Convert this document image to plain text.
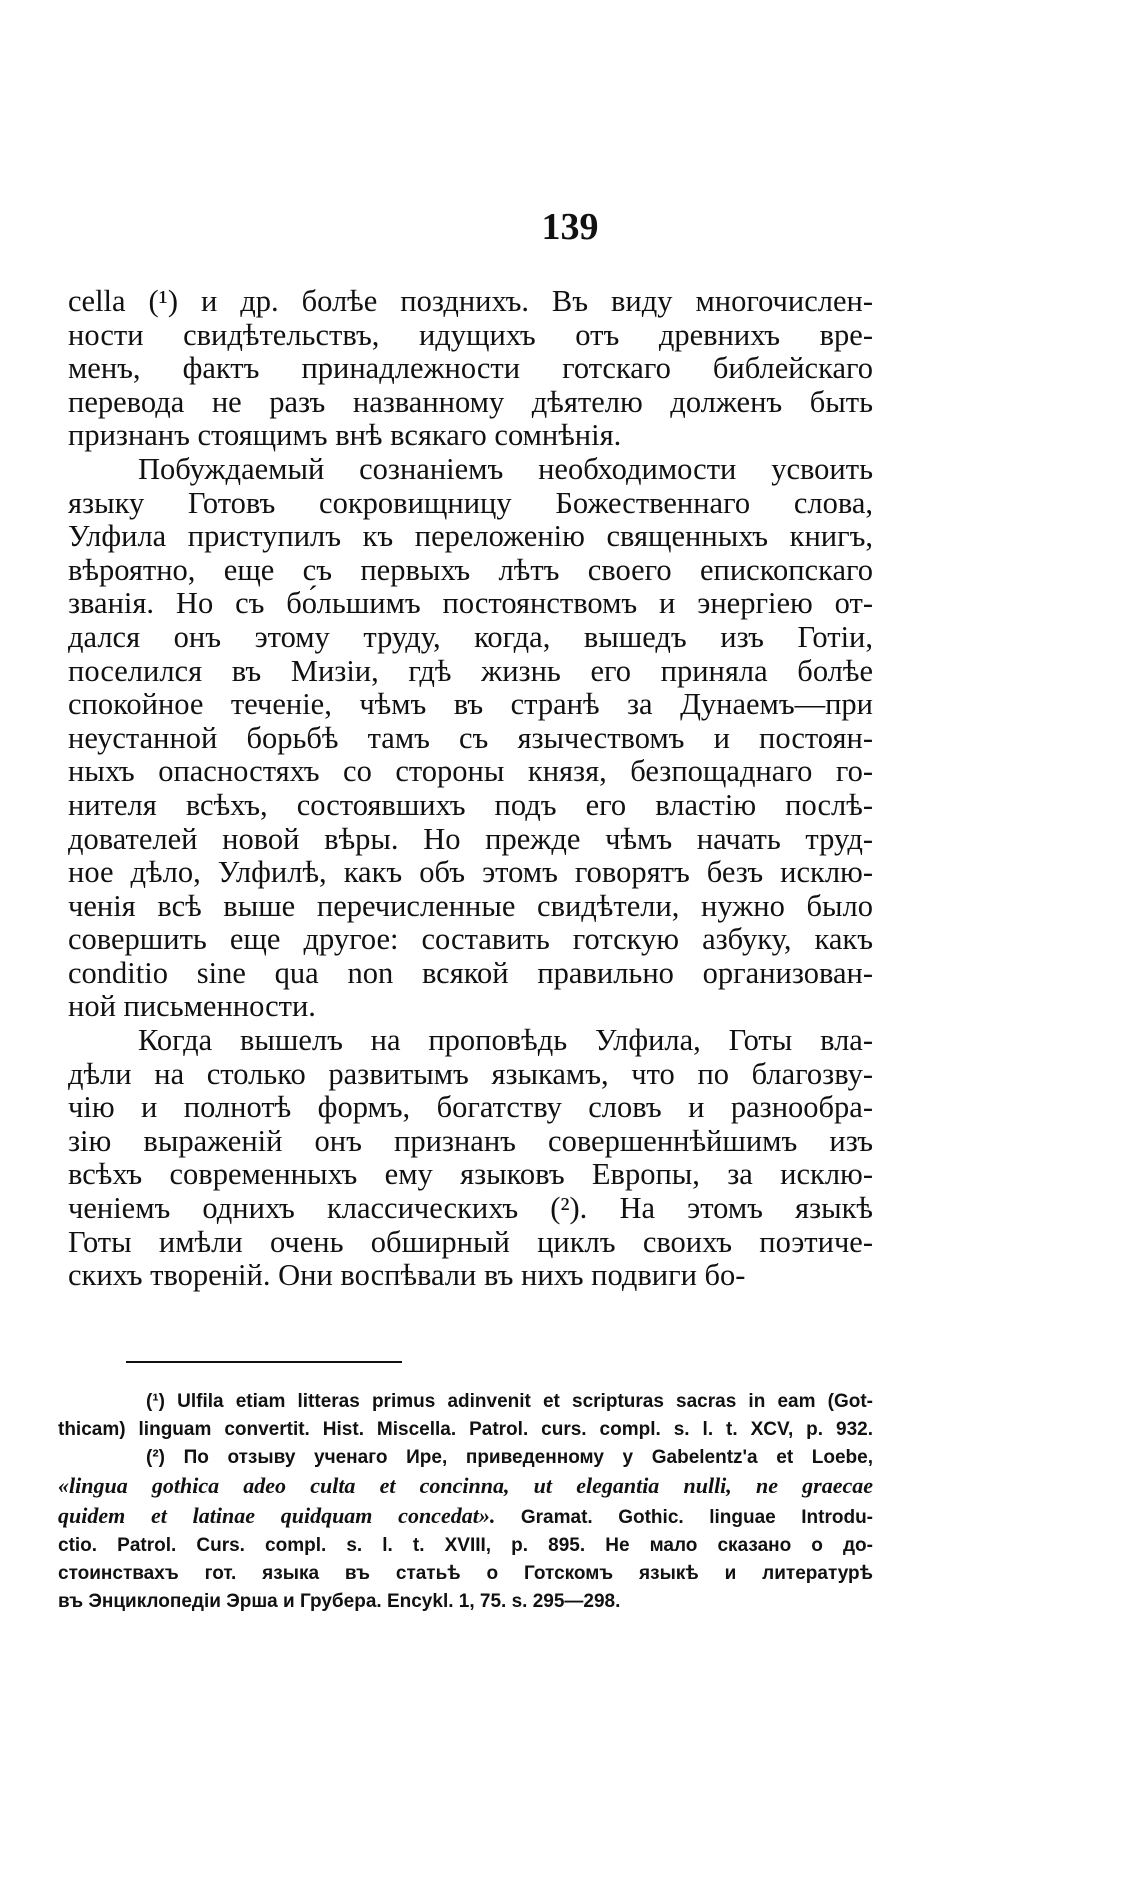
139

cella (¹) и др. болѣе позднихъ. Въ виду многочислен-
ности свидѣтельствъ, идущихъ отъ древнихъ вре-
менъ, фактъ принадлежности готскаго библейскаго
перевода не разъ названному дѣятелю долженъ быть
признанъ стоящимъ внѣ всякаго сомнѣнія.

Побуждаемый сознаніемъ необходимости усвоить
языку Готовъ сокровищницу Божественнаго слова,
Улфила приступилъ къ переложенію священныхъ книгъ,
вѣроятно, еще съ первыхъ лѣтъ своего епископскаго
званія. Но съ бо́льшимъ постоянствомъ и энергіею от-
дался онъ этому труду, когда, вышедъ изъ Готіи,
поселился въ Мизіи, гдѣ жизнь его приняла болѣе
спокойное теченіе, чѣмъ въ странѣ за Дунаемъ—при
неустанной борьбѣ тамъ съ язычествомъ и постоян-
ныхъ опасностяхъ со стороны князя, безпощаднаго го-
нителя всѣхъ, состоявшихъ подъ его властію послѣ-
дователей новой вѣры. Но прежде чѣмъ начать труд-
ное дѣло, Улфилѣ, какъ объ этомъ говорятъ безъ исклю-
ченія всѣ выше перечисленные свидѣтели, нужно было
совершить еще другое: составить готскую азбуку, какъ
conditio sine qua non всякой правильно организован-
ной письменности.

Когда вышелъ на проповѣдь Улфила, Готы вла-
дѣли на столько развитымъ языкамъ, что по благозву-
чію и полнотѣ формъ, богатству словъ и разнообра-
зію выраженій онъ признанъ совершеннѣйшимъ изъ
всѣхъ современныхъ ему языковъ Европы, за исклю-
ченіемъ однихъ классическихъ (²). На этомъ языкѣ
Готы имѣли очень обширный циклъ своихъ поэтиче-
скихъ твореній. Они воспѣвали въ нихъ подвиги бо-

(¹) Ulfila etiam litteras primus adinvenit et scripturas sacras in eam (Got-
thicam) linguam convertit. Hist. Miscella. Patrol. curs. compl. s. l. t. XCV, p. 932.
(²) По отзыву ученаго Ире, приведенному у Gabelentz'a et Loebe,
«lingua gothica adeo culta et concinna, ut elegantia nulli, ne graecae
quidem et latinae quidquam concedat». Gramat. Gothic. linguae Introdu-
ctio. Patrol. Curs. compl. s. l. t. XVIII, p. 895. Не мало сказано о до-
стоинствахъ гот. языка въ статьѣ о Готскомъ языкѣ и литературѣ
въ Энциклопедіи Эрша и Грубера. Encykl. 1, 75. s. 295—298.
